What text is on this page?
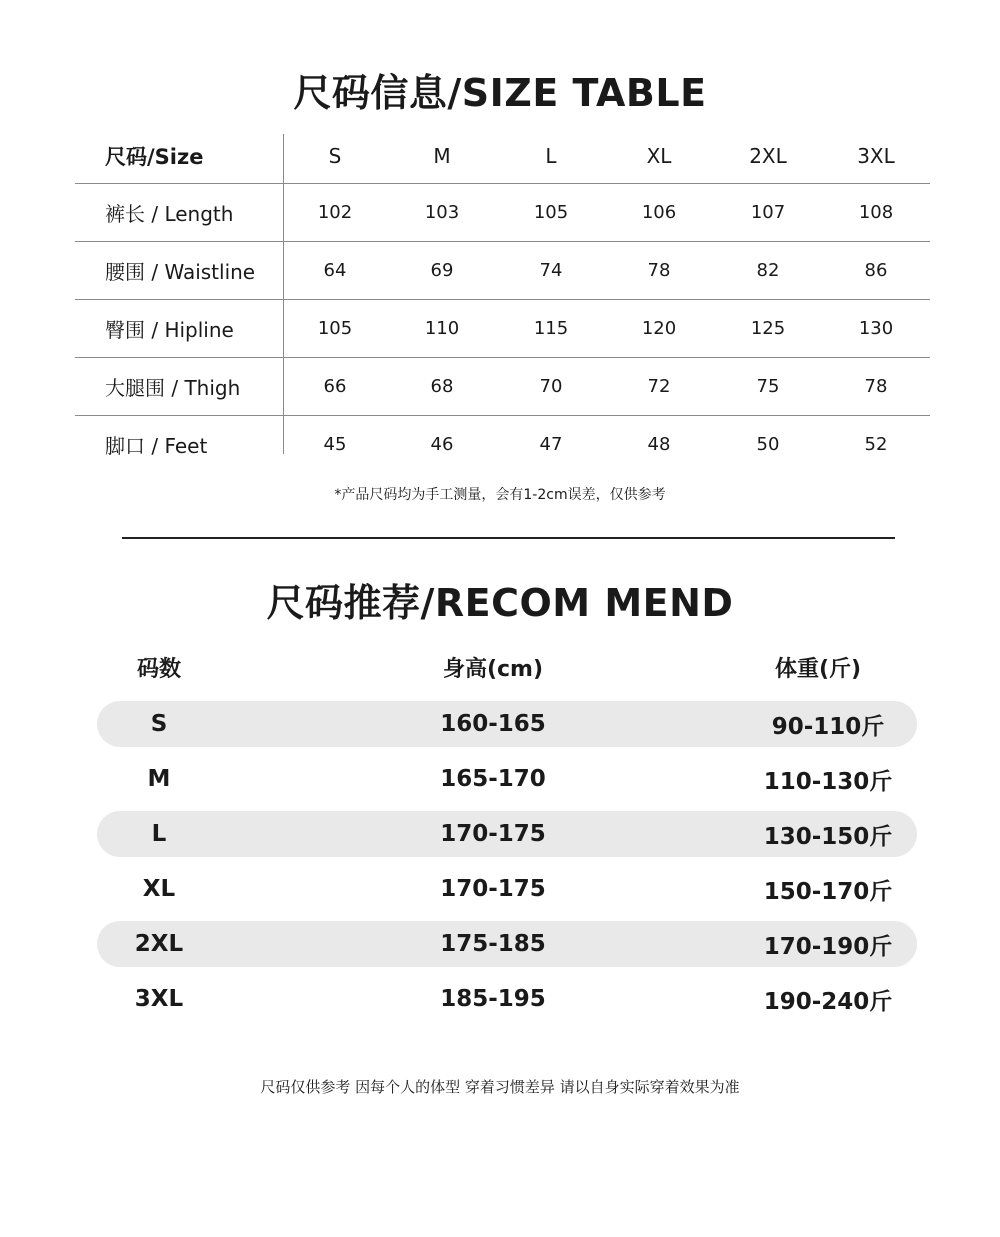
尺码信息/SIZE TABLE
尺码/Size	S	M	L	XL	2XL	3XL
裤长 / Length	102	103	105	106	107	108
腰围 / Waistline	64	69	74	78	82	86
臀围 / Hipline	105	110	115	120	125	130
大腿围 / Thigh	66	68	70	72	75	78
脚口 / Feet	45	46	47	48	50	52
*产品尺码均为手工测量，会有1-2cm误差，仅供参考
尺码推荐/RECOM MEND
码数	身高(cm)	体重(斤)
S	160-165	90-110斤
M	165-170	110-130斤
L	170-175	130-150斤
XL	170-175	150-170斤
2XL	175-185	170-190斤
3XL	185-195	190-240斤
尺码仅供参考 因每个人的体型 穿着习惯差异 请以自身实际穿着效果为准
